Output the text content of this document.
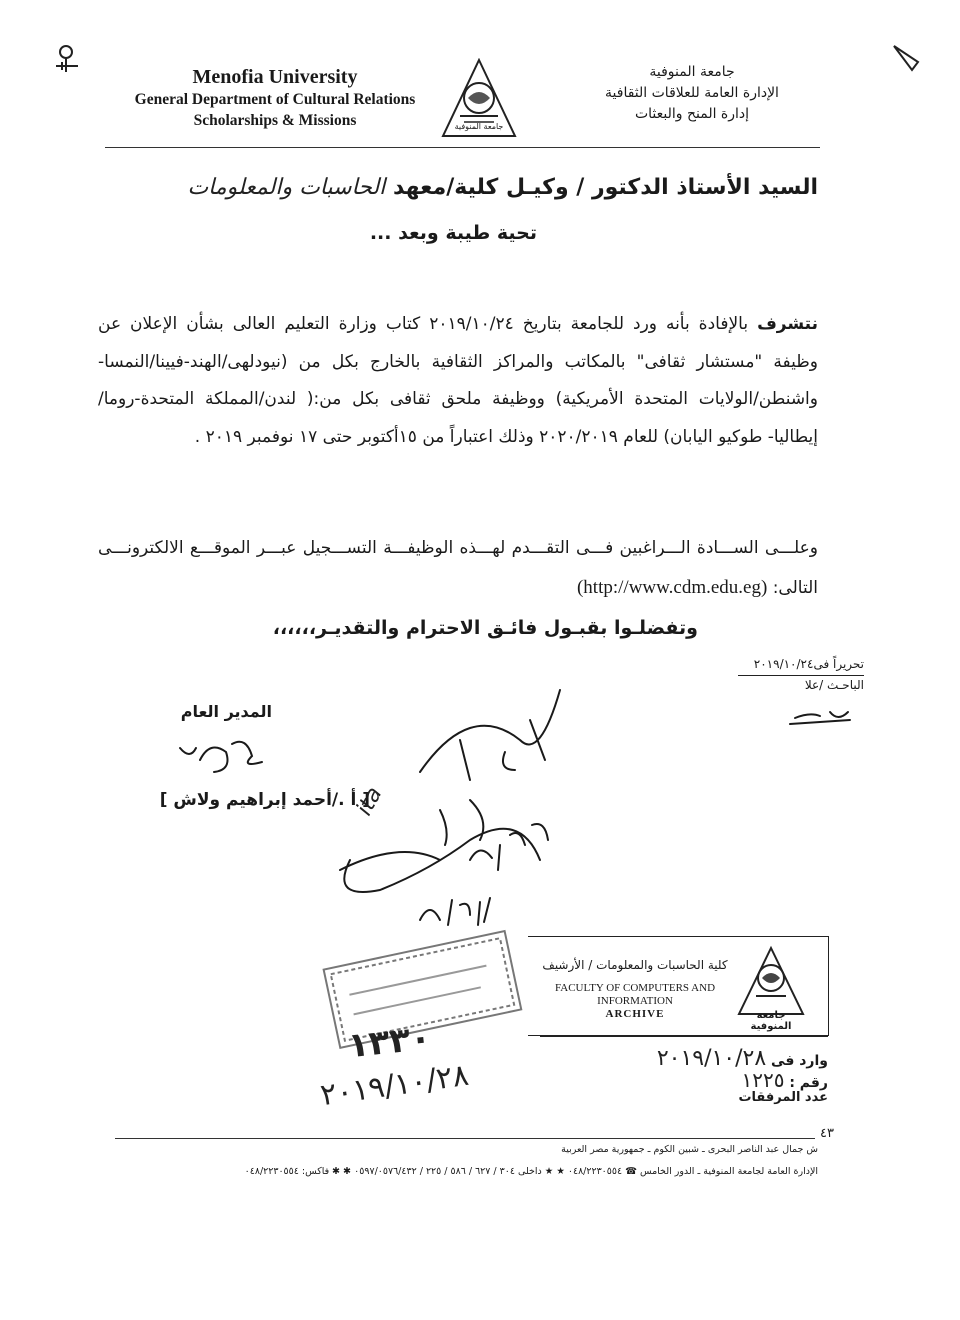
Menofia University
General Department of Cultural Relations
Scholarships & Missions	جامعة المنوفية
جامعة المنوفية
الإدارة العامة للعلاقات الثقافية
إدارة المنح والبعثات
السيد الأستاذ الدكتور / وكيـل كلية/معهد الحاسبات والمعلومات
تحية طيبة وبعد ...
نتشرف بالإفادة بأنه ورد للجامعة بتاريخ ٢٠١٩/١٠/٢٤ كتاب وزارة التعليم العالى بشأن الإعلان عن وظيفة "مستشار ثقافى" بالمكاتب والمراكز الثقافية بالخارج بكل من (نيودلهى/الهند-فيينا/النمسا- واشنطن/الولايات المتحدة الأمريكية) ووظيفة ملحق ثقافى بكل من:( لندن/المملكة المتحدة-روما/إيطاليا- طوكيو اليابان) للعام ٢٠٢٠/٢٠١٩ وذلك اعتباراً من ١٥أكتوبر حتى ١٧ نوفمبر ٢٠١٩ .
وعلـــى الســـادة الـــراغبين فـــى التقـــدم لهـــذه الوظيفـــة التســـجيل عبـــر الموقـــع الالكترونـــى التالى: (http://www.cdm.edu.eg)
وتفضلـوا بقبـول فائـق الاحترام والتقديـر،،،،،،
تحريراً فى٢٠١٩/١٠/٢٤
الباحـث /علا
المدير العام
[ أ ./أحمد إبراهيم ولاش ]
ita
١٣٣٠
٢٠١٩/١٠/٢٨
كلية الحاسبات والمعلومات / الأرشيف
FACULTY OF COMPUTERS AND
INFORMATION
ARCHIVE	جامعة المنوفية
وارد فى ٢٠١٩/١٠/٢٨
رقم : ١٢٢٥
عدد المرفقات
٤٣
ش جمال عبد الناصر البحرى ـ شبين الكوم ـ جمهورية مصر العربية
الإدارة العامة لجامعة المنوفية ـ الدور الخامس ☎ ٠٤٨/٢٢٣٠٥٥٤ ★ ★ داخلى ٣٠٤ / ٦٢٧ / ٥٨٦ / ٢٢٥ / ٠٥٩٧/٠٥٧٦/٤٣٢ ✱ ✱ فاكس: ٠٤٨/٢٢٣٠٥٥٤
